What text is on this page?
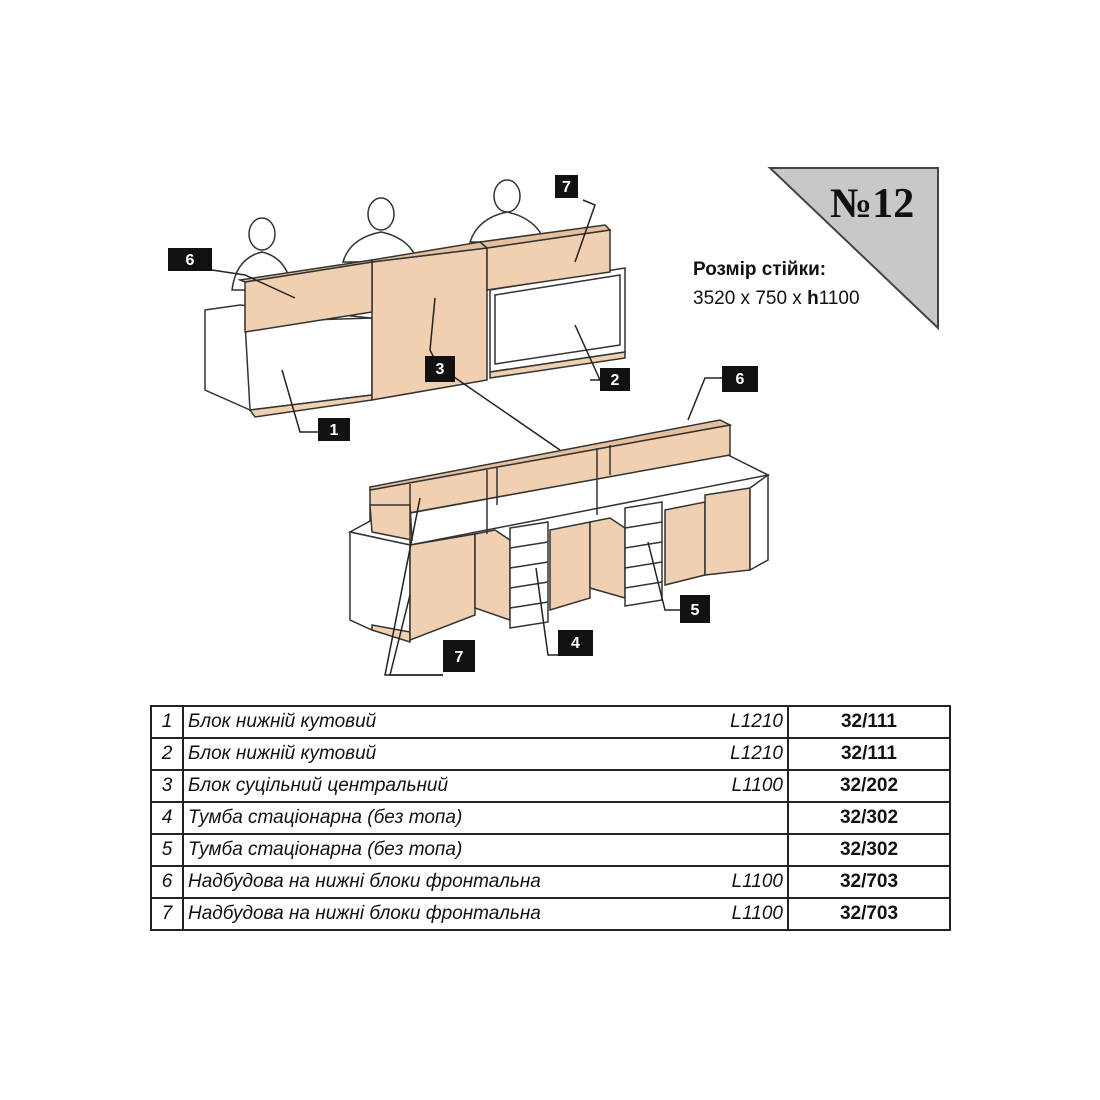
7
6
3
2
1
6
5
4
7
№12
Розмір стійки:
3520 x 750 x h1100
1	Блок нижній кутовий	L1210	32/111
2	Блок нижній кутовий	L1210	32/111
3	Блок суцільний центральний	L1100	32/202
4	Тумба стаціонарна (без топа)		32/302
5	Тумба стаціонарна (без топа)		32/302
6	Надбудова на нижні блоки фронтальна	L1100	32/703
7	Надбудова на нижні блоки фронтальна	L1100	32/703
